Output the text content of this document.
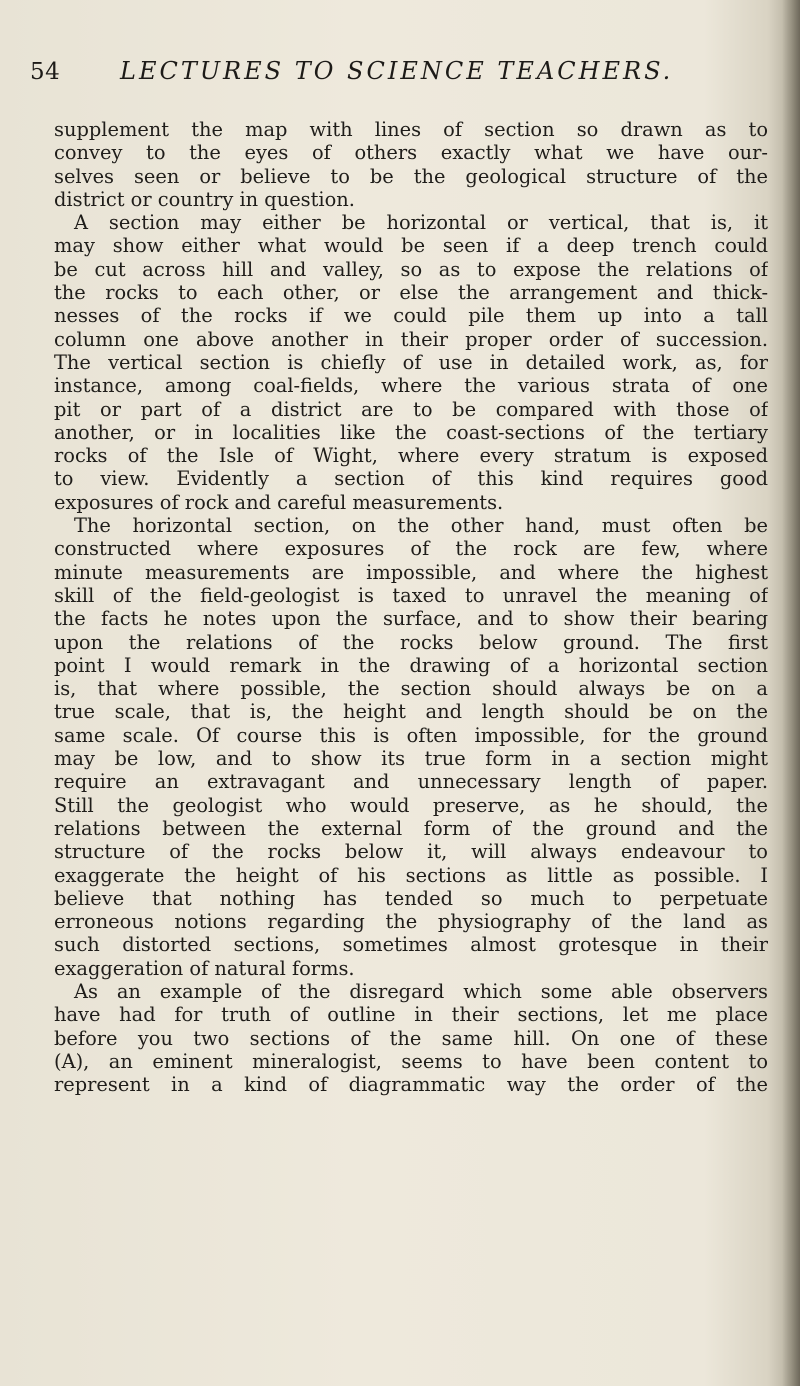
54 LECTURES TO SCIENCE TEACHERS.
supplement the map with lines of section so drawn as to
convey to the eyes of others exactly what we have our-
selves seen or believe to be the geological structure of the
district or country in question.
A section may either be horizontal or vertical, that is, it
may show either what would be seen if a deep trench could
be cut across hill and valley, so as to expose the relations of
the rocks to each other, or else the arrangement and thick-
nesses of the rocks if we could pile them up into a tall
column one above another in their proper order of succession.
The vertical section is chiefly of use in detailed work, as, for
instance, among coal-fields, where the various strata of one
pit or part of a district are to be compared with those of
another, or in localities like the coast-sections of the tertiary
rocks of the Isle of Wight, where every stratum is exposed
to view. Evidently a section of this kind requires good
exposures of rock and careful measurements.
The horizontal section, on the other hand, must often be
constructed where exposures of the rock are few, where
minute measurements are impossible, and where the highest
skill of the field-geologist is taxed to unravel the meaning of
the facts he notes upon the surface, and to show their bearing
upon the relations of the rocks below ground. The first
point I would remark in the drawing of a horizontal section
is, that where possible, the section should always be on a
true scale, that is, the height and length should be on the
same scale. Of course this is often impossible, for the ground
may be low, and to show its true form in a section might
require an extravagant and unnecessary length of paper.
Still the geologist who would preserve, as he should, the
relations between the external form of the ground and the
structure of the rocks below it, will always endeavour to
exaggerate the height of his sections as little as possible. I
believe that nothing has tended so much to perpetuate
erroneous notions regarding the physiography of the land as
such distorted sections, sometimes almost grotesque in their
exaggeration of natural forms.
As an example of the disregard which some able observers
have had for truth of outline in their sections, let me place
before you two sections of the same hill. On one of these
(A), an eminent mineralogist, seems to have been content to
represent in a kind of diagrammatic way the order of the
